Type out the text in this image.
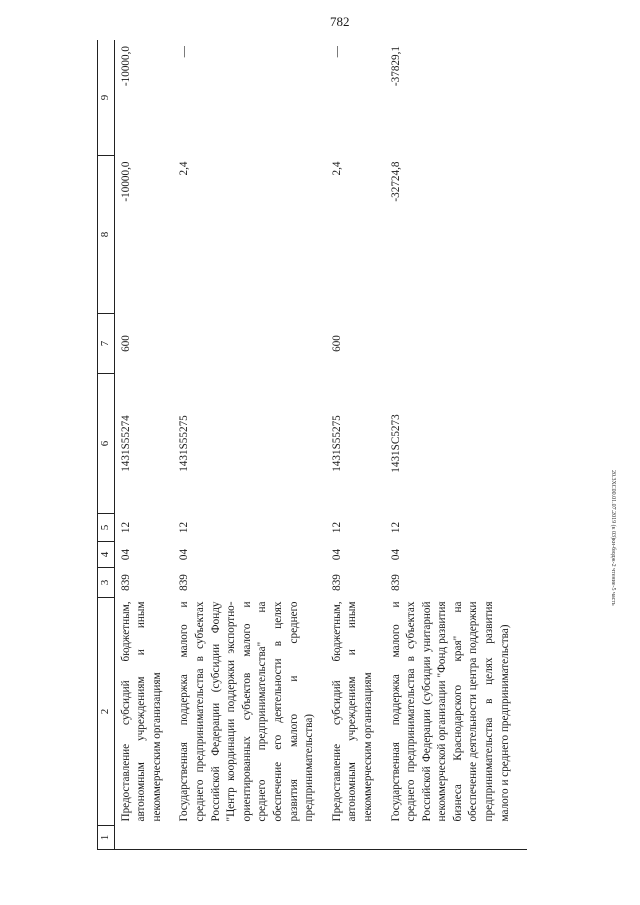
782
20.3ХС00.01.07.2019 (к 03)кн-бюдж-2 чтение-5 часть
1	2	3	4	5	6	7	8	9
	Предоставление субсидий бюджетным, автономным учреждениям и иным некоммерческим организациям	839	04	12	1431S55274	600	-10000,0	-10000,0
	Государственная поддержка малого и среднего предпринимательства в субъектах Российской Федерации (субсидии Фонду "Центр координации поддержки экспортно-ориентированных субъектов малого и среднего предпринимательства" на обеспечение его деятельности в целях развития малого и среднего предпринимательства)	839	04	12	1431S55275		2,4	—
	Предоставление субсидий бюджетным, автономным учреждениям и иным некоммерческим организациям	839	04	12	1431S55275	600	2,4	—
	Государственная поддержка малого и среднего предпринимательства в субъектах Российской Федерации (субсидии унитарной некоммерческой организации "Фонд развития бизнеса Краснодарского края" на обеспечение деятельности центра поддержки предпринимательства в целях развития малого и среднего предпринимательства)	839	04	12	1431SC5273		-32724,8	-37829,1
